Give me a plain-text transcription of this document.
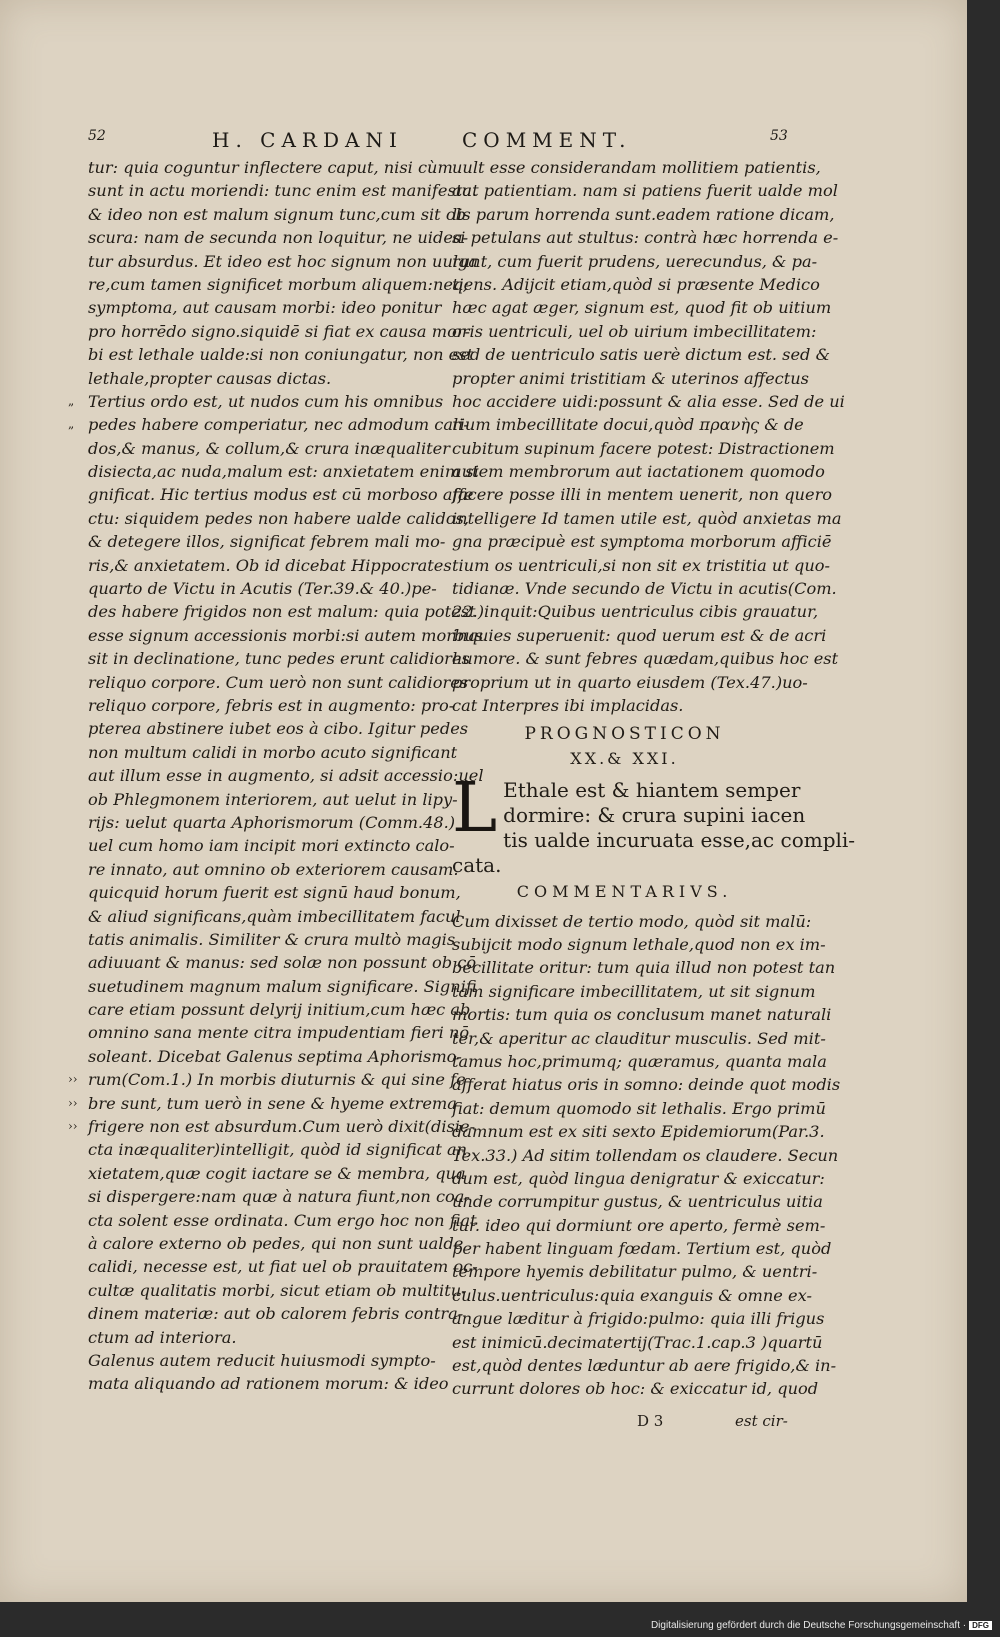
52	H. CARDANI	COMMENT.	53
tur: quia coguntur inflectere caput, nisi cùm
sunt in actu moriendi: tunc enim est manifesta.
& ideo non est malum signum tunc,cum sit ob
scura: nam de secunda non loquitur, ne uidea-
tur absurdus. Et ideo est hoc signum non uulga
re,cum tamen significet morbum aliquem:neq;
symptoma, aut causam morbi: ideo ponitur
pro horrēdo signo.siquidē si fiat ex causa mor-
bi est lethale ualde:si non coniungatur, non est
lethale,propter causas dictas.
„ Tertius ordo est, ut nudos cum his omnibus
„ pedes habere comperiatur, nec admodum cali-
dos,& manus, & collum,& crura inæqualiter
disiecta,ac nuda,malum est: anxietatem enim si
gnificat. Hic tertius modus est cū morboso affe
ctu: siquidem pedes non habere ualde calidos,
& detegere illos, significat febrem mali mo-
ris,& anxietatem. Ob id dicebat Hippocrates
quarto de Victu in Acutis (Ter.39.& 40.)pe-
des habere frigidos non est malum: quia potest
esse signum accessionis morbi:si autem morbus
sit in declinatione, tunc pedes erunt calidiores
reliquo corpore. Cum uerò non sunt calidiores
reliquo corpore, febris est in augmento: pro-
pterea abstinere iubet eos à cibo. Igitur pedes
non multum calidi in morbo acuto significant
aut illum esse in augmento, si adsit accessio:uel
ob Phlegmonem interiorem, aut uelut in lipy-
rijs: uelut quarta Aphorismorum (Comm.48.)
uel cum homo iam incipit mori extincto calo-
re innato, aut omnino ob exteriorem causam.
quicquid horum fuerit est signū haud bonum,
& aliud significans,quàm imbecillitatem facul
tatis animalis. Similiter & crura multò magis
adiuuant & manus: sed solæ non possunt ob cō
suetudinem magnum malum significare. Signifi
care etiam possunt delyrij initium,cum hæc ab
omnino sana mente citra impudentiam fieri nō
soleant. Dicebat Galenus septima Aphorismo-
›› rum(Com.1.) In morbis diuturnis & qui sine fe
›› bre sunt, tum uerò in sene & hyeme extrema
›› frigere non est absurdum.Cum uerò dixit(disie-
cta inæqualiter)intelligit, quòd id significat an
xietatem,quæ cogit iactare se & membra, qua
si dispergere:nam quæ à natura fiunt,non coa-
cta solent esse ordinata. Cum ergo hoc non fiat
à calore externo ob pedes, qui non sunt ualde
calidi, necesse est, ut fiat uel ob prauitatem oc-
cultæ qualitatis morbi, sicut etiam ob multitu-
dinem materiæ: aut ob calorem febris contra-
ctum ad interiora.
Galenus autem reducit huiusmodi sympto-
mata aliquando ad rationem morum: & ideo
uult esse considerandam mollitiem patientis,
aut patientiam. nam si patiens fuerit ualde mol
lis parum horrenda sunt.eadem ratione dicam,
si petulans aut stultus: contrà hæc horrenda e-
runt, cum fuerit prudens, uerecundus, & pa-
tiens. Adijcit etiam,quòd si præsente Medico
hæc agat æger, signum est, quod fit ob uitium
oris uentriculi, uel ob uirium imbecillitatem:
sed de uentriculo satis uerè dictum est. sed &
propter animi tristitiam & uterinos affectus
hoc accidere uidi:possunt & alia esse. Sed de ui
rium imbecillitate docui,quòd πρανὴς & de
cubitum supinum facere potest: Distractionem
autem membrorum aut iactationem quomodo
facere posse illi in mentem uenerit, non quero
intelligere Id tamen utile est, quòd anxietas ma
gna præcipuè est symptoma morborum afficiē
tium os uentriculi,si non sit ex tristitia ut quo-
tidianæ. Vnde secundo de Victu in acutis(Com.
22.)inquit:Quibus uentriculus cibis grauatur,
inquies superuenit: quod uerum est & de acri
humore. & sunt febres quædam,quibus hoc est
proprium ut in quarto eiusdem (Tex.47.)uo-
cat Interpres ibi implacidas.
PROGNOSTICON
XX.& XXI.
L Ethale est & hiantem semper
dormire: & crura supini iacen
tis ualde incuruata esse,ac compli-
cata.
COMMENTARIVS.
Cum dixisset de tertio modo, quòd sit malū:
subijcit modo signum lethale,quod non ex im-
becillitate oritur: tum quia illud non potest tan
tam significare imbecillitatem, ut sit signum
mortis: tum quia os conclusum manet naturali
ter,& aperitur ac clauditur musculis. Sed mit-
tamus hoc,primumq; quæramus, quanta mala
afferat hiatus oris in somno: deinde quot modis
fiat: demum quomodo sit lethalis. Ergo primū
damnum est ex siti sexto Epidemiorum(Par.3.
Tex.33.) Ad sitim tollendam os claudere. Secun
dum est, quòd lingua denigratur & exiccatur:
unde corrumpitur gustus, & uentriculus uitia
tur. ideo qui dormiunt ore aperto, fermè sem-
per habent linguam fœdam. Tertium est, quòd
tempore hyemis debilitatur pulmo, & uentri-
culus.uentriculus:quia exanguis & omne ex-
angue læditur à frigido:pulmo: quia illi frigus
est inimicū.decimatertij(Trac.1.cap.3 )quartū
est,quòd dentes læduntur ab aere frigido,& in-
currunt dolores ob hoc: & exiccatur id, quod
D 3	est cir-
Digitalisierung gefördert durch die Deutsche Forschungsgemeinschaft · DFG
